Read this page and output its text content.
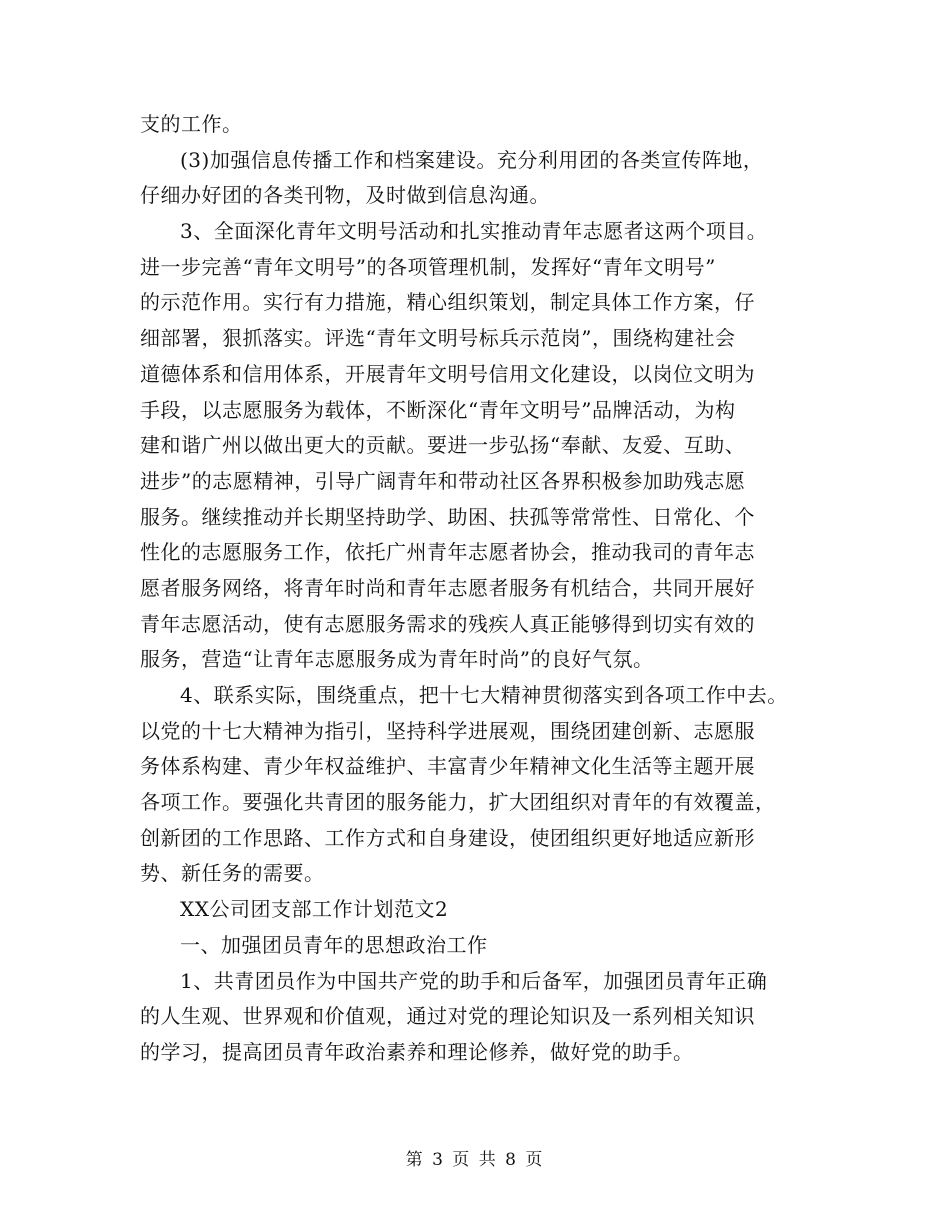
支的工作。
(3)加强信息传播工作和档案建设。充分利用团的各类宣传阵地，
仔细办好团的各类刊物，及时做到信息沟通。
3、全面深化青年文明号活动和扎实推动青年志愿者这两个项目。
进一步完善“青年文明号”的各项管理机制，发挥好“青年文明号”
的示范作用。实行有力措施，精心组织策划，制定具体工作方案，仔
细部署，狠抓落实。评选“青年文明号标兵示范岗”，围绕构建社会
道德体系和信用体系，开展青年文明号信用文化建设，以岗位文明为
手段，以志愿服务为载体，不断深化“青年文明号”品牌活动，为构
建和谐广州以做出更大的贡献。要进一步弘扬“奉献、友爱、互助、
进步”的志愿精神，引导广阔青年和带动社区各界积极参加助残志愿
服务。继续推动并长期坚持助学、助困、扶孤等常常性、日常化、个
性化的志愿服务工作，依托广州青年志愿者协会，推动我司的青年志
愿者服务网络，将青年时尚和青年志愿者服务有机结合，共同开展好
青年志愿活动，使有志愿服务需求的残疾人真正能够得到切实有效的
服务，营造“让青年志愿服务成为青年时尚”的良好气氛。
4、联系实际，围绕重点，把十七大精神贯彻落实到各项工作中去。
以党的十七大精神为指引，坚持科学进展观，围绕团建创新、志愿服
务体系构建、青少年权益维护、丰富青少年精神文化生活等主题开展
各项工作。要强化共青团的服务能力，扩大团组织对青年的有效覆盖，
创新团的工作思路、工作方式和自身建设，使团组织更好地适应新形
势、新任务的需要。
XX公司团支部工作计划范文2
一、加强团员青年的思想政治工作
1、共青团员作为中国共产党的助手和后备军，加强团员青年正确
的人生观、世界观和价值观，通过对党的理论知识及一系列相关知识
的学习，提高团员青年政治素养和理论修养，做好党的助手。
第 3 页 共 8 页
